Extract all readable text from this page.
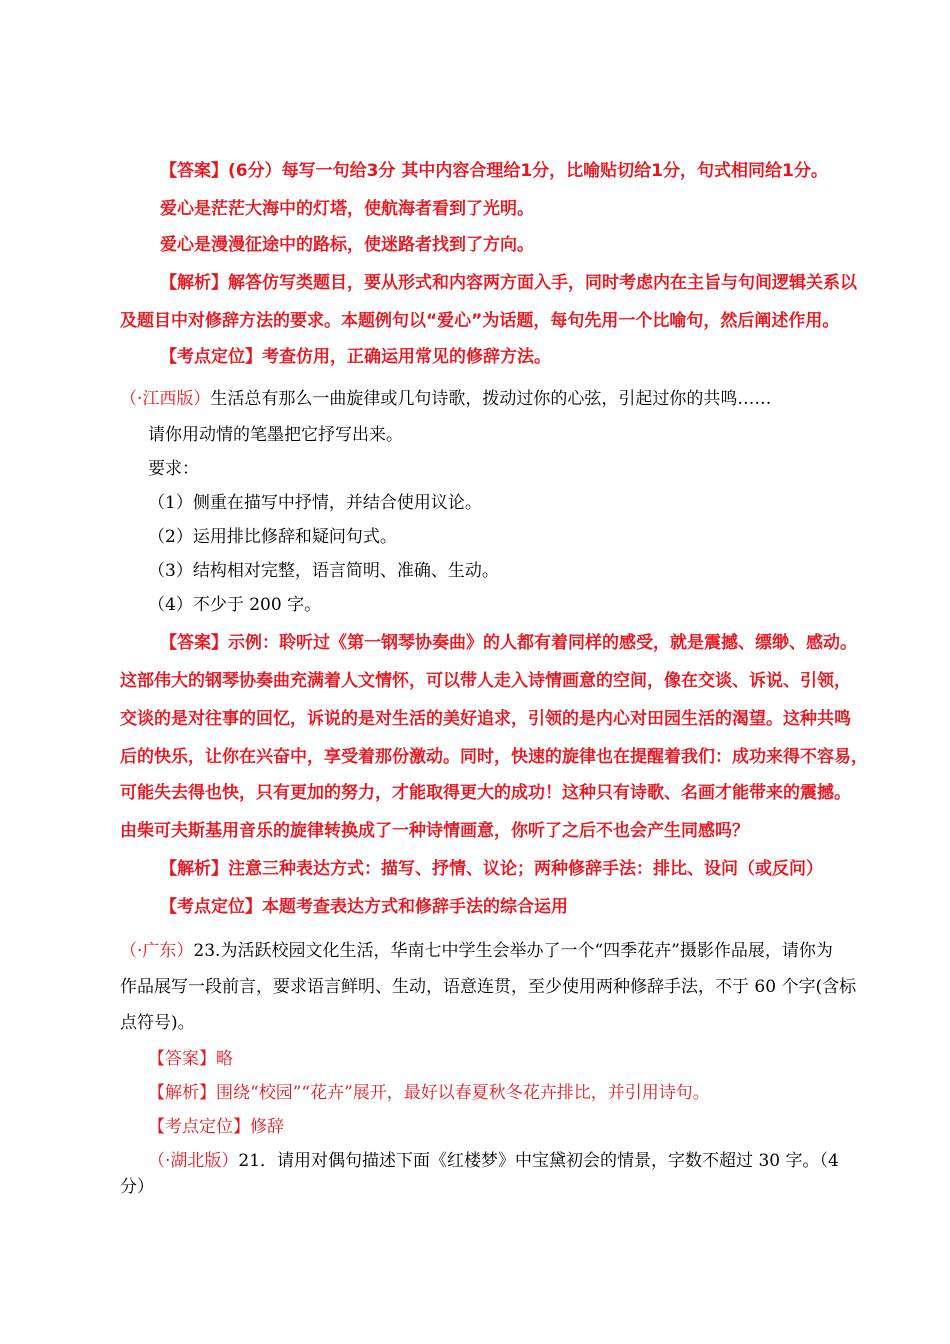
【答案】(6分）每写一句给3分 其中内容合理给1分，比喻贴切给1分，句式相同给1分。
爱心是茫茫大海中的灯塔，使航海者看到了光明。
爱心是漫漫征途中的路标，使迷路者找到了方向。
【解析】解答仿写类题目，要从形式和内容两方面入手，同时考虑内在主旨与句间逻辑关系以
及题目中对修辞方法的要求。本题例句以“爱心”为话题，每句先用一个比喻句，然后阐述作用。
【考点定位】考查仿用，正确运用常见的修辞方法。
（·江西版）生活总有那么一曲旋律或几句诗歌，拨动过你的心弦，引起过你的共鸣……
请你用动情的笔墨把它抒写出来。
要求：
（1）侧重在描写中抒情，并结合使用议论。
（2）运用排比修辞和疑问句式。
（3）结构相对完整，语言简明、准确、生动。
（4）不少于 200 字。
【答案】示例：聆听过《第一钢琴协奏曲》的人都有着同样的感受，就是震撼、缥缈、感动。
这部伟大的钢琴协奏曲充满着人文情怀，可以带人走入诗情画意的空间，像在交谈、诉说、引领，
交谈的是对往事的回忆，诉说的是对生活的美好追求，引领的是内心对田园生活的渴望。这种共鸣
后的快乐，让你在兴奋中，享受着那份激动。同时，快速的旋律也在提醒着我们：成功来得不容易，
可能失去得也快，只有更加的努力，才能取得更大的成功！这种只有诗歌、名画才能带来的震撼。
由柴可夫斯基用音乐的旋律转换成了一种诗情画意，你听了之后不也会产生同感吗？
【解析】注意三种表达方式：描写、抒情、议论；两种修辞手法：排比、设问（或反问）
【考点定位】本题考查表达方式和修辞手法的综合运用
（·广东）23.为活跃校园文化生活，华南七中学生会举办了一个“四季花卉”摄影作品展，请你为
作品展写一段前言，要求语言鲜明、生动，语意连贯，至少使用两种修辞手法，不于 60 个字(含标
点符号)。
【答案】略
【解析】围绕“校园”“花卉”展开，最好以春夏秋冬花卉排比，并引用诗句。
【考点定位】修辞
（·湖北版）21．请用对偶句描述下面《红楼梦》中宝黛初会的情景，字数不超过 30 字。（4
分）
